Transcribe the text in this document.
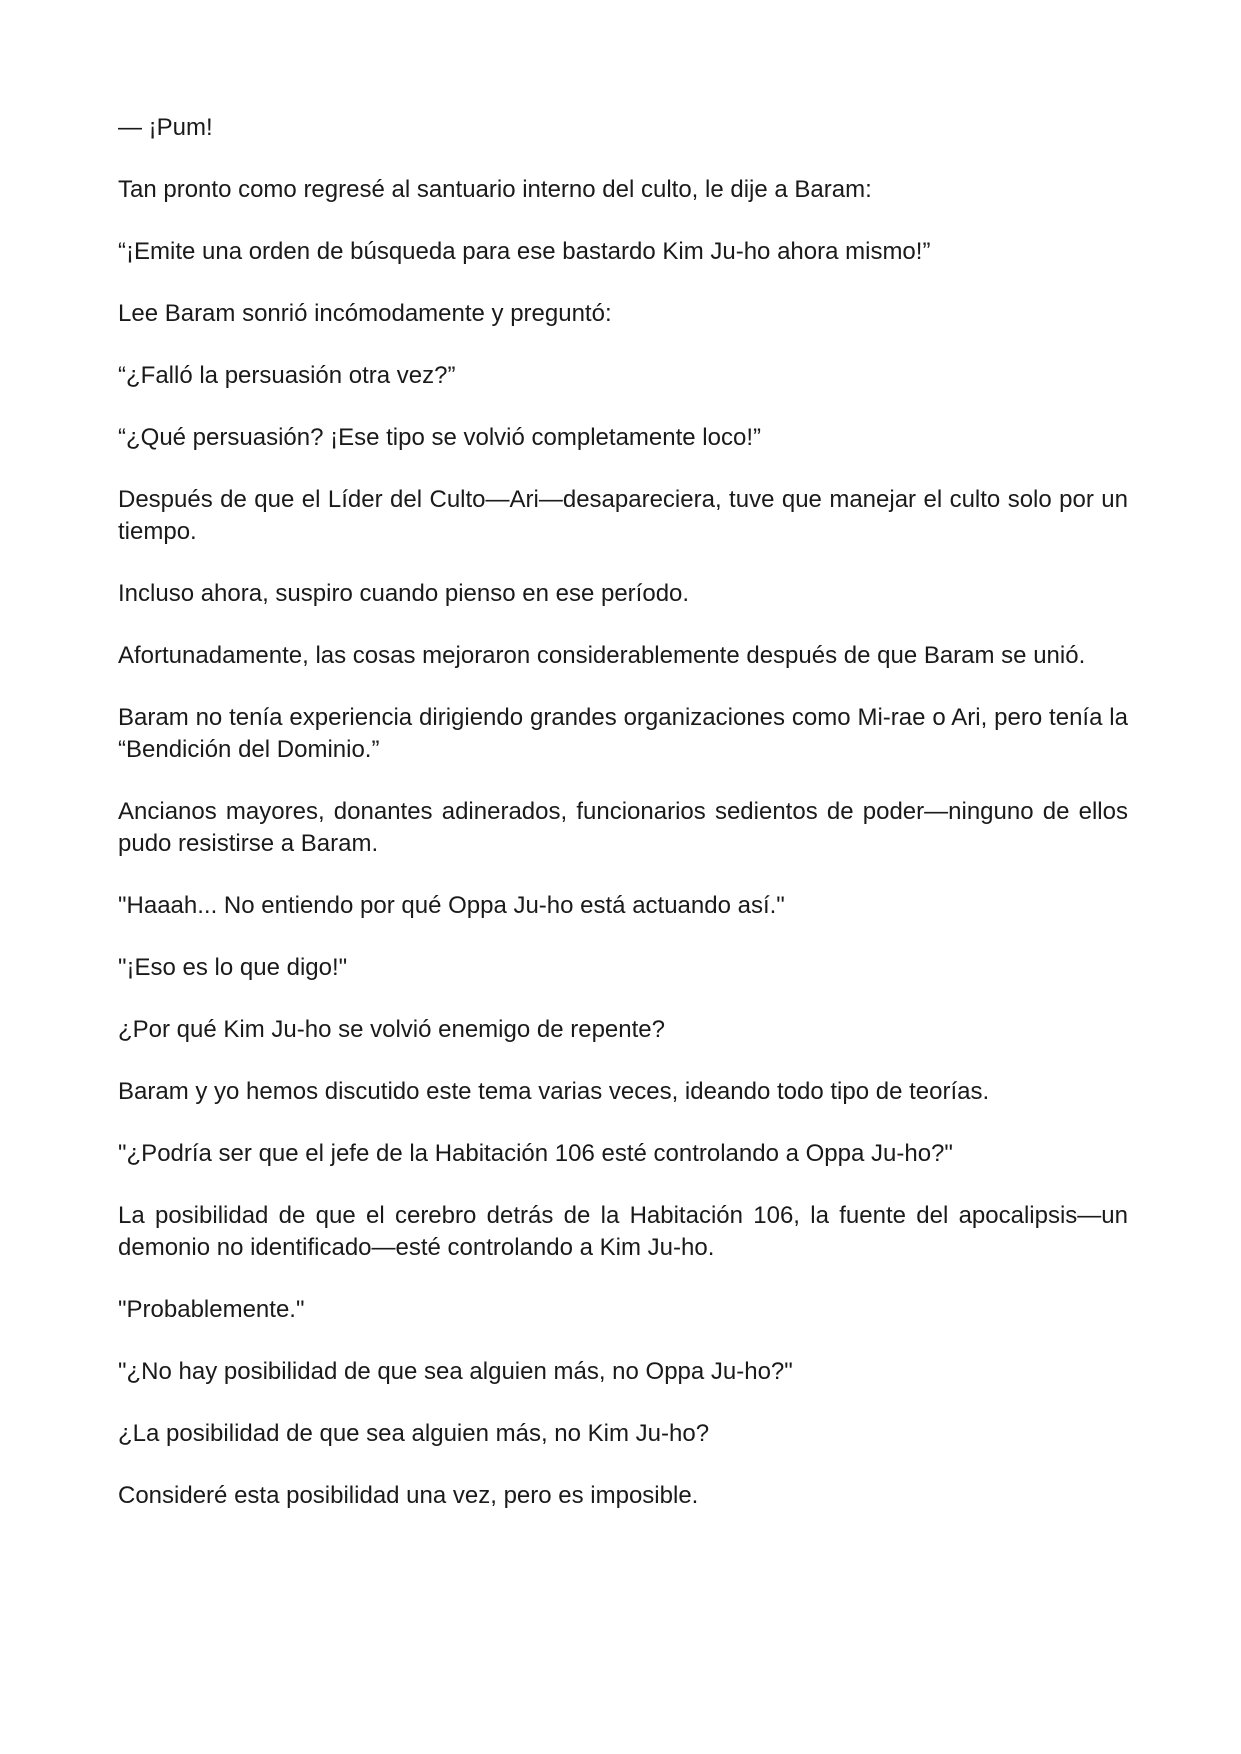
— ¡Pum!

Tan pronto como regresé al santuario interno del culto, le dije a Baram:

“¡Emite una orden de búsqueda para ese bastardo Kim Ju-ho ahora mismo!”

Lee Baram sonrió incómodamente y preguntó:

“¿Falló la persuasión otra vez?”

“¿Qué persuasión? ¡Ese tipo se volvió completamente loco!”

Después de que el Líder del Culto—Ari—desapareciera, tuve que manejar el culto solo por un tiempo.

Incluso ahora, suspiro cuando pienso en ese período.

Afortunadamente, las cosas mejoraron considerablemente después de que Baram se unió.

Baram no tenía experiencia dirigiendo grandes organizaciones como Mi-rae o Ari, pero tenía la “Bendición del Dominio.”

Ancianos mayores, donantes adinerados, funcionarios sedientos de poder—ninguno de ellos pudo resistirse a Baram.

"Haaah... No entiendo por qué Oppa Ju-ho está actuando así."

"¡Eso es lo que digo!"

¿Por qué Kim Ju-ho se volvió enemigo de repente?

Baram y yo hemos discutido este tema varias veces, ideando todo tipo de teorías.

"¿Podría ser que el jefe de la Habitación 106 esté controlando a Oppa Ju-ho?"

La posibilidad de que el cerebro detrás de la Habitación 106, la fuente del apocalipsis—un demonio no identificado—esté controlando a Kim Ju-ho.

"Probablemente."

"¿No hay posibilidad de que sea alguien más, no Oppa Ju-ho?"

¿La posibilidad de que sea alguien más, no Kim Ju-ho?

Consideré esta posibilidad una vez, pero es imposible.
